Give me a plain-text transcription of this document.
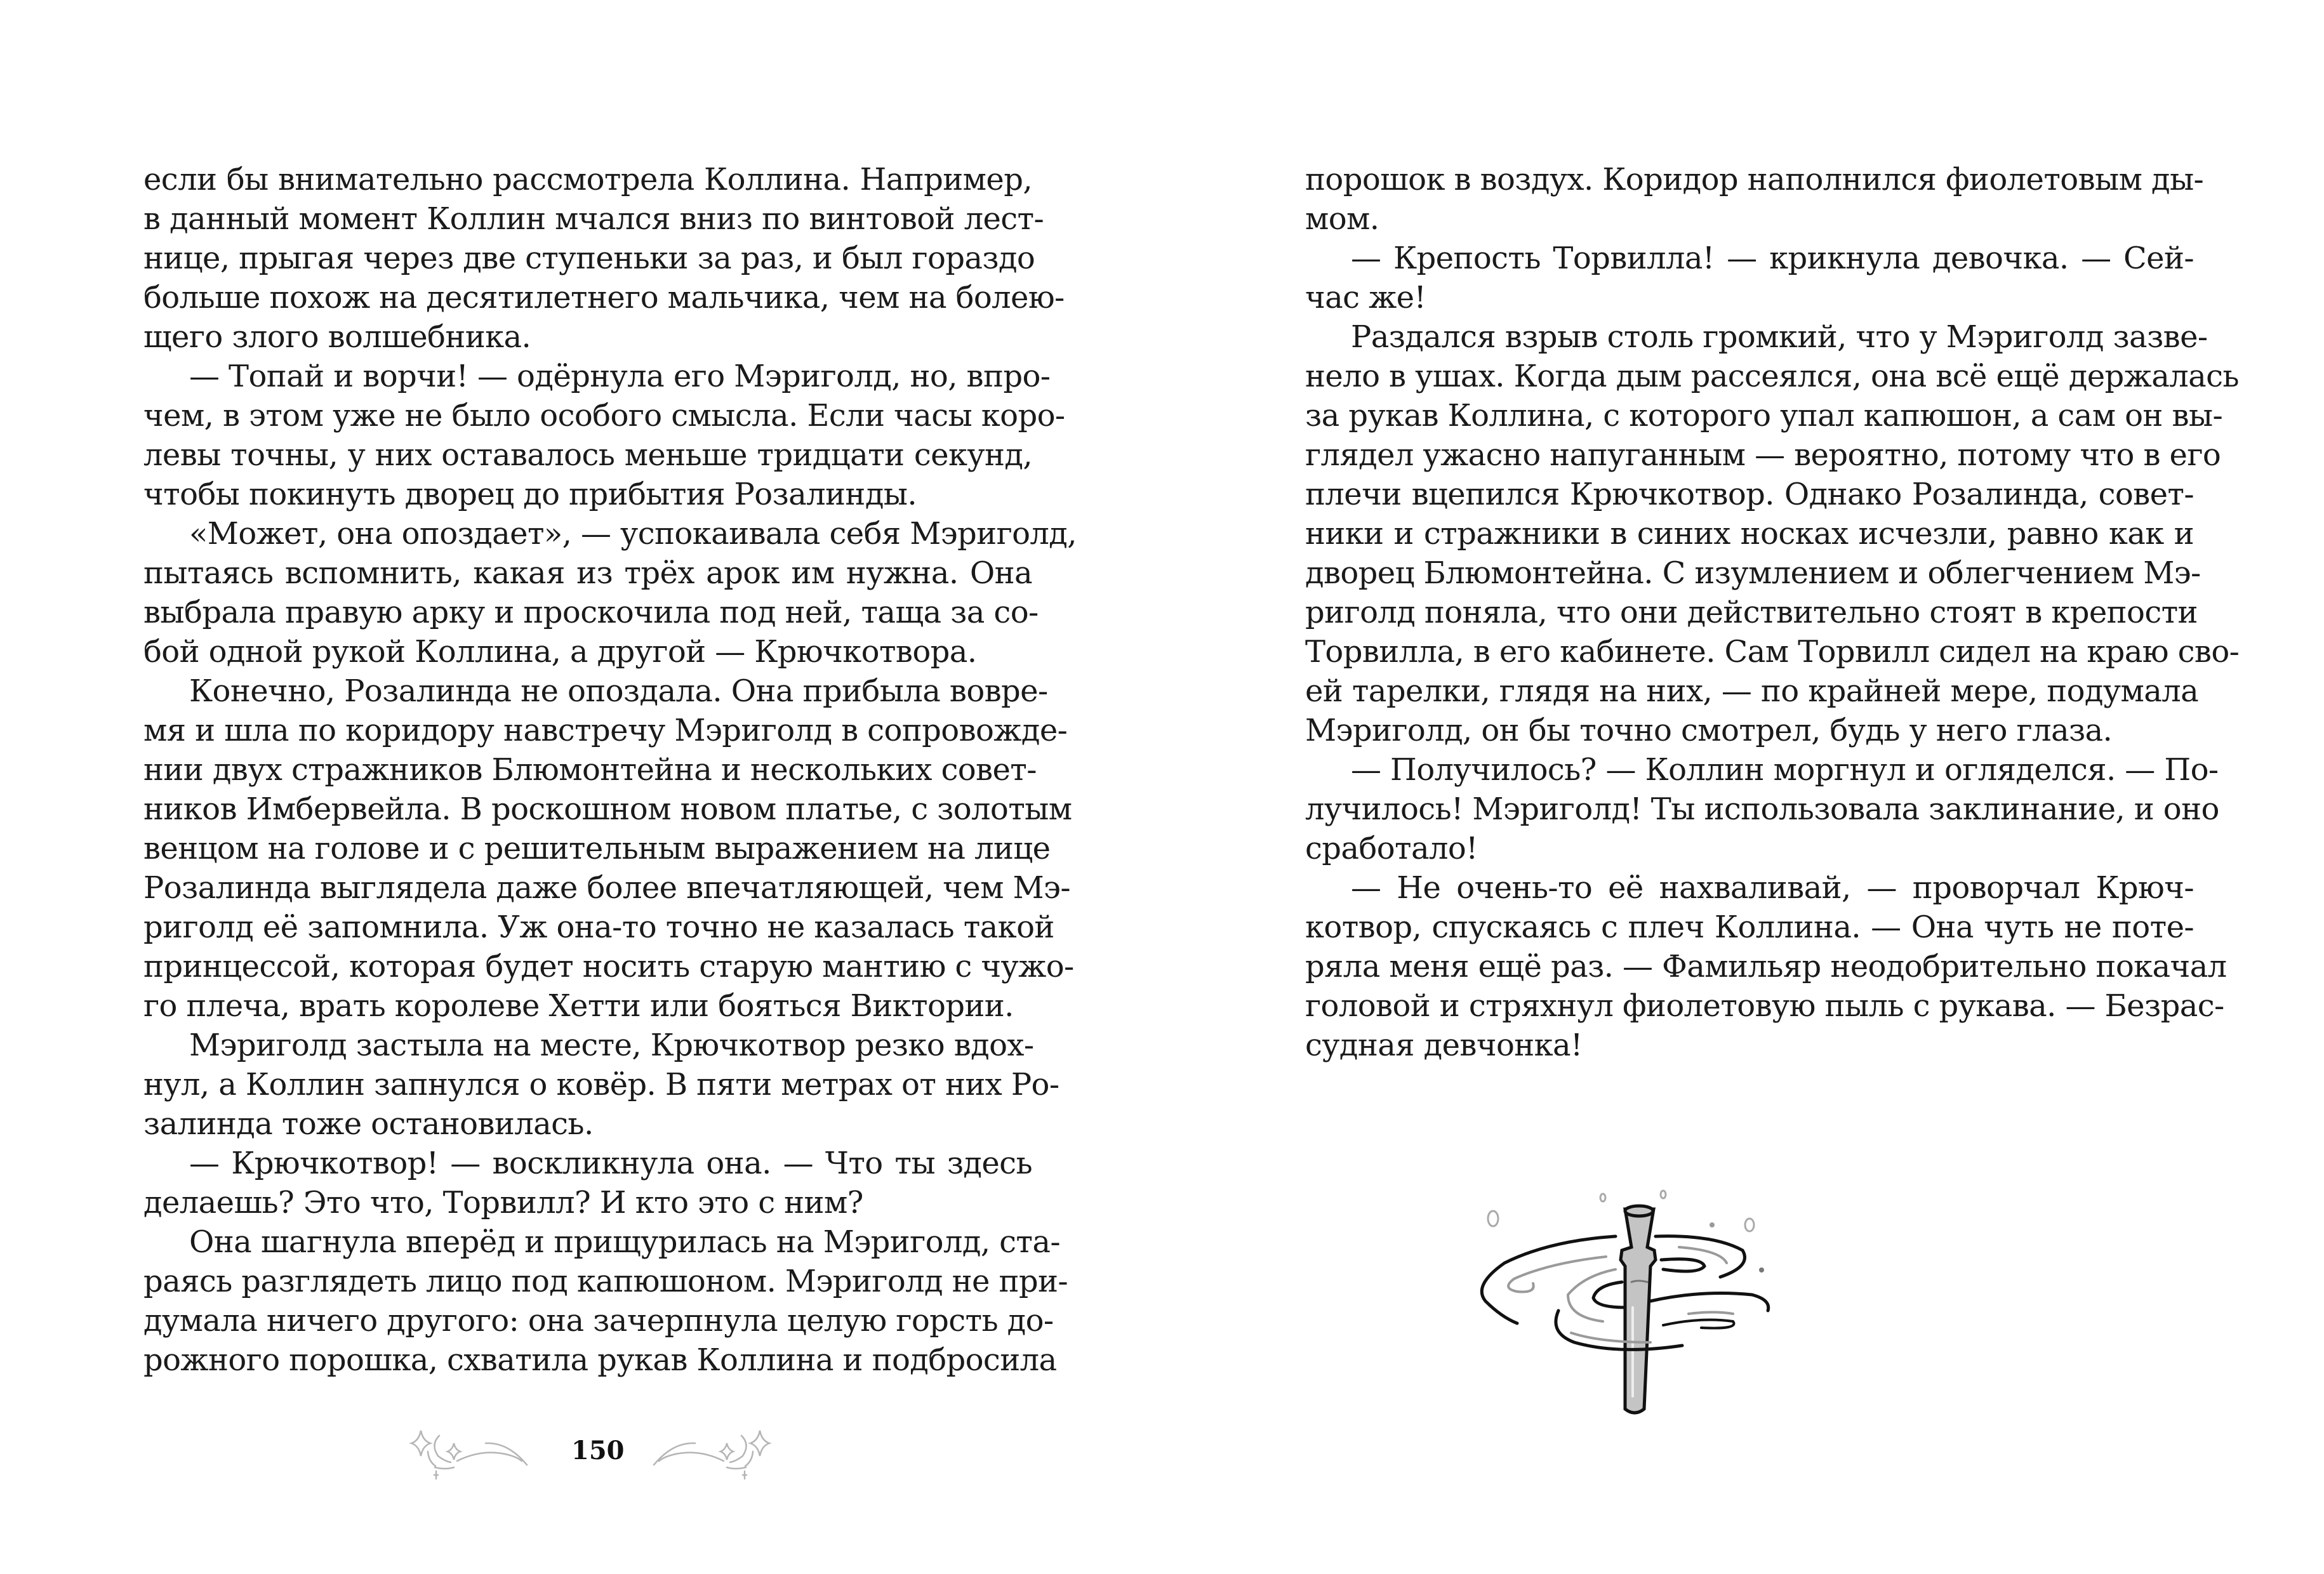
если бы внимательно рассмотрела Коллина. Например,
в данный момент Коллин мчался вниз по винтовой лест-
нице, прыгая через две ступеньки за раз, и был гораздо
больше похож на десятилетнего мальчика, чем на болею-
щего злого волшебника.
— Топай и ворчи! — одёрнула его Мэриголд, но, впро-
чем, в этом уже не было особого смысла. Если часы коро-
левы точны, у них оставалось меньше тридцати секунд,
чтобы покинуть дворец до прибытия Розалинды.
«Может, она опоздает», — успокаивала себя Мэриголд,
пытаясь вспомнить, какая из трёх арок им нужна. Она
выбрала правую арку и проскочила под ней, таща за со-
бой одной рукой Коллина, а другой — Крючкотвора.
Конечно, Розалинда не опоздала. Она прибыла вовре-
мя и шла по коридору навстречу Мэриголд в сопровожде-
нии двух стражников Блюмонтейна и нескольких совет-
ников Имбервейла. В роскошном новом платье, с золотым
венцом на голове и с решительным выражением на лице
Розалинда выглядела даже более впечатляющей, чем Мэ-
риголд её запомнила. Уж она-то точно не казалась такой
принцессой, которая будет носить старую мантию с чужо-
го плеча, врать королеве Хетти или бояться Виктории.
Мэриголд застыла на месте, Крючкотвор резко вдох-
нул, а Коллин запнулся о ковёр. В пяти метрах от них Ро-
залинда тоже остановилась.
— Крючкотвор! — воскликнула она. — Что ты здесь
делаешь? Это что, Торвилл? И кто это с ним?
Она шагнула вперёд и прищурилась на Мэриголд, ста-
раясь разглядеть лицо под капюшоном. Мэриголд не при-
думала ничего другого: она зачерпнула целую горсть до-
рожного порошка, схватила рукав Коллина и подбросила
150
порошок в воздух. Коридор наполнился фиолетовым ды-
мом.
— Крепость Торвилла! — крикнула девочка. — Сей-
час же!
Раздался взрыв столь громкий, что у Мэриголд зазве-
нело в ушах. Когда дым рассеялся, она всё ещё держалась
за рукав Коллина, с которого упал капюшон, а сам он вы-
глядел ужасно напуганным — вероятно, потому что в его
плечи вцепился Крючкотвор. Однако Розалинда, совет-
ники и стражники в синих носках исчезли, равно как и
дворец Блюмонтейна. С изумлением и облегчением Мэ-
риголд поняла, что они действительно стоят в крепости
Торвилла, в его кабинете. Сам Торвилл сидел на краю сво-
ей тарелки, глядя на них, — по крайней мере, подумала
Мэриголд, он бы точно смотрел, будь у него глаза.
— Получилось? — Коллин моргнул и огляделся. — По-
лучилось! Мэриголд! Ты использовала заклинание, и оно
сработало!
— Не очень-то её нахваливай, — проворчал Крюч-
котвор, спускаясь с плеч Коллина. — Она чуть не поте-
ряла меня ещё раз. — Фамильяр неодобрительно покачал
головой и стряхнул фиолетовую пыль с рукава. — Безрас-
судная девчонка!
